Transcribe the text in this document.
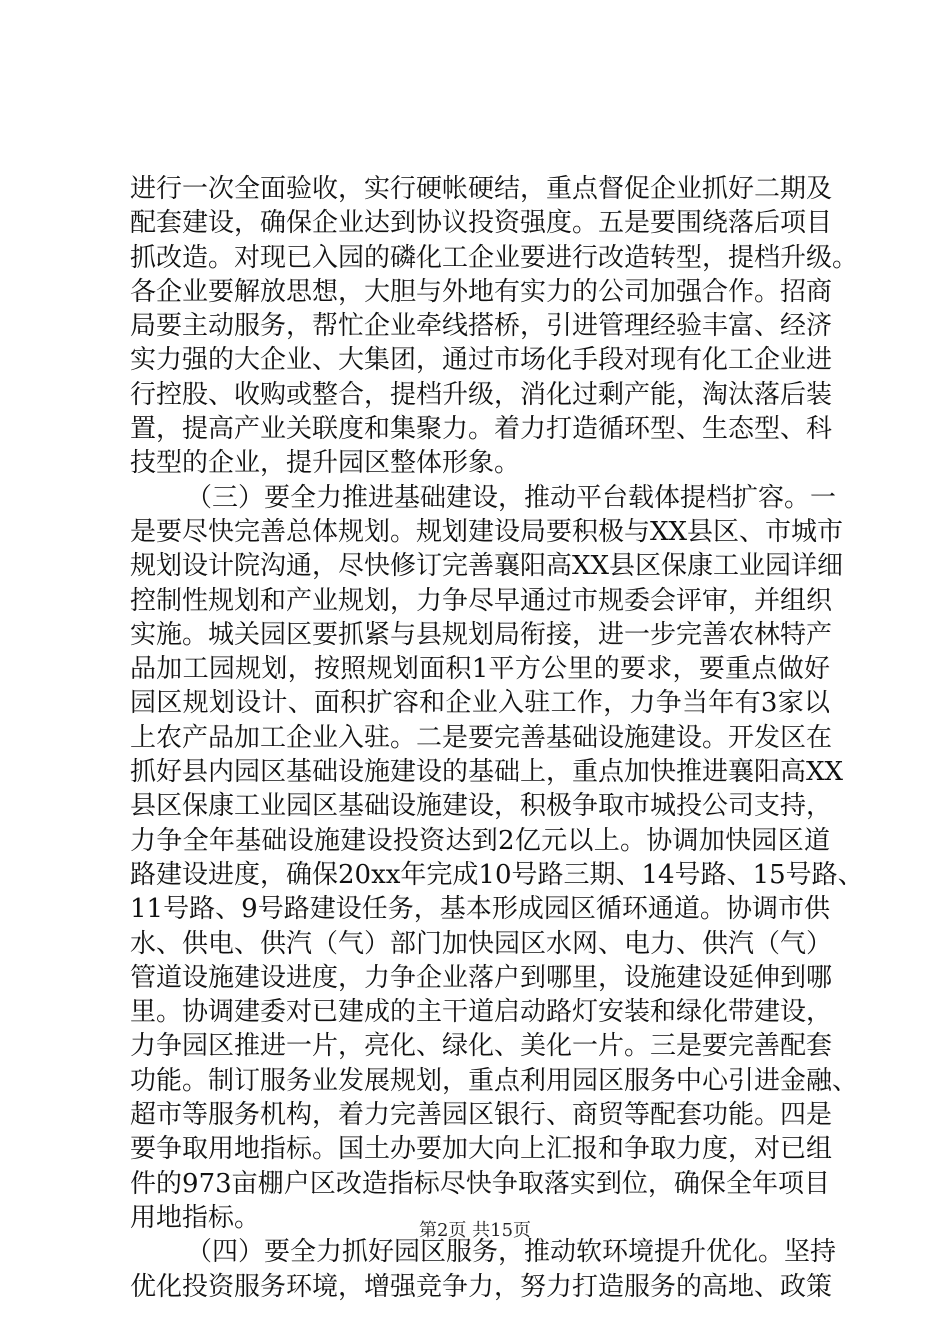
进行一次全面验收，实行硬帐硬结，重点督促企业抓好二期及
配套建设，确保企业达到协议投资强度。五是要围绕落后项目
抓改造。对现已入园的磷化工企业要进行改造转型，提档升级。
各企业要解放思想，大胆与外地有实力的公司加强合作。招商
局要主动服务，帮忙企业牵线搭桥，引进管理经验丰富、经济
实力强的大企业、大集团，通过市场化手段对现有化工企业进
行控股、收购或整合，提档升级，消化过剩产能，淘汰落后装
置，提高产业关联度和集聚力。着力打造循环型、生态型、科
技型的企业，提升园区整体形象。
（三）要全力推进基础建设，推动平台载体提档扩容。一
是要尽快完善总体规划。规划建设局要积极与XX县区、市城市
规划设计院沟通，尽快修订完善襄阳高XX县区保康工业园详细
控制性规划和产业规划，力争尽早通过市规委会评审，并组织
实施。城关园区要抓紧与县规划局衔接，进一步完善农林特产
品加工园规划，按照规划面积1平方公里的要求，要重点做好
园区规划设计、面积扩容和企业入驻工作，力争当年有3家以
上农产品加工企业入驻。二是要完善基础设施建设。开发区在
抓好县内园区基础设施建设的基础上，重点加快推进襄阳高XX
县区保康工业园区基础设施建设，积极争取市城投公司支持，
力争全年基础设施建设投资达到2亿元以上。协调加快园区道
路建设进度，确保20xx年完成10号路三期、14号路、15号路、
11号路、9号路建设任务，基本形成园区循环通道。协调市供
水、供电、供汽（气）部门加快园区水网、电力、供汽（气）
管道设施建设进度，力争企业落户到哪里，设施建设延伸到哪
里。协调建委对已建成的主干道启动路灯安装和绿化带建设，
力争园区推进一片，亮化、绿化、美化一片。三是要完善配套
功能。制订服务业发展规划，重点利用园区服务中心引进金融、
超市等服务机构，着力完善园区银行、商贸等配套功能。四是
要争取用地指标。国土办要加大向上汇报和争取力度，对已组
件的973亩棚户区改造指标尽快争取落实到位，确保全年项目
用地指标。
（四）要全力抓好园区服务，推动软环境提升优化。坚持
优化投资服务环境，增强竞争力，努力打造服务的高地、政策
第2页 共15页
